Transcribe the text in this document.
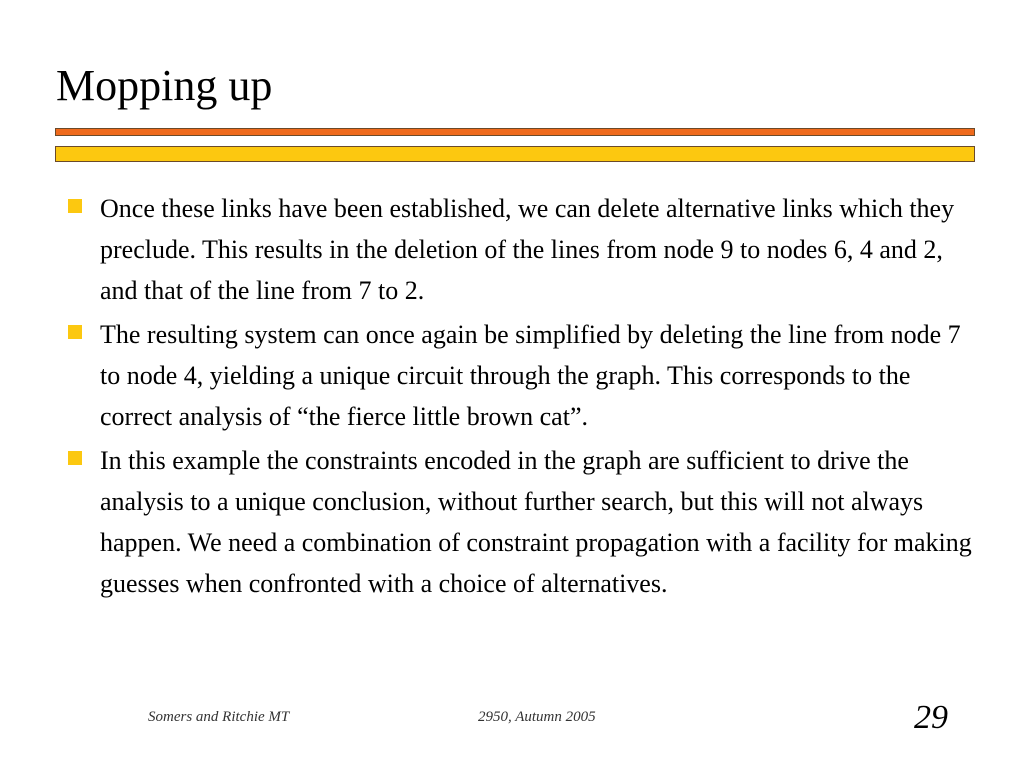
Mopping up
Once these links have been established, we can delete alternative links which they preclude. This results in the deletion of the lines from node 9 to nodes 6, 4 and 2, and that of the line from 7 to 2.
The resulting system can once again be simplified by deleting the line from node 7 to node 4, yielding a unique circuit through the graph. This corresponds to the correct analysis of “the fierce little brown cat”.
In this example the constraints encoded in the graph are sufficient to drive the analysis to a unique conclusion, without further search, but this will not always happen. We need a combination of constraint propagation with a facility for making guesses when confronted with a choice of alternatives.
Somers and Ritchie MT	2950, Autumn 2005	29
